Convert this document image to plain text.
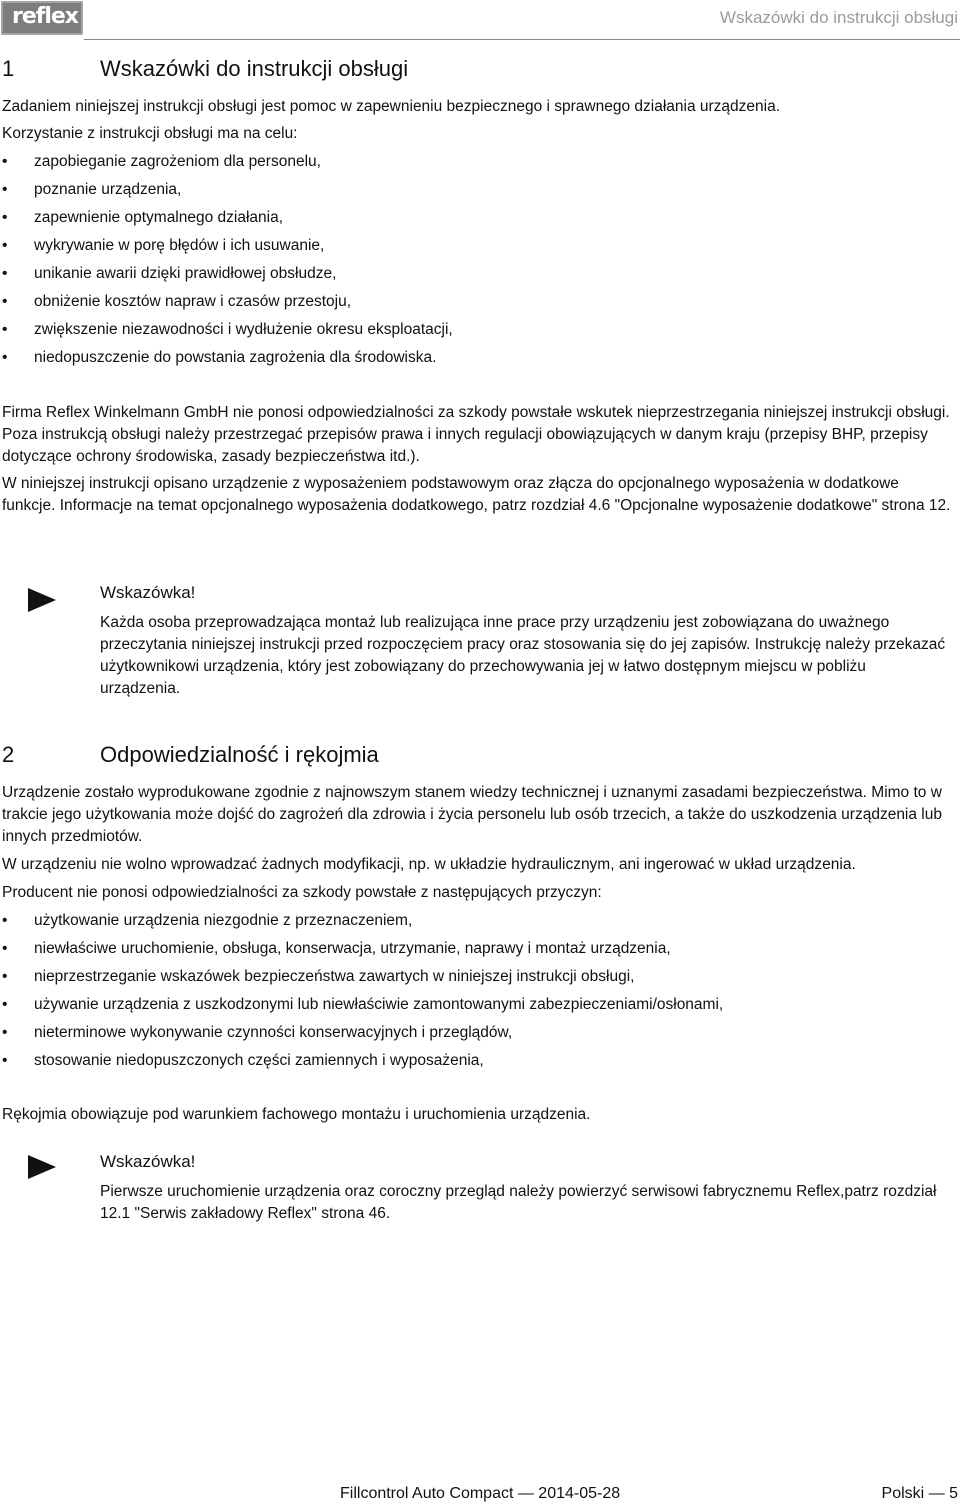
reflex	Wskazówki do instrukcji obsługi
1	Wskazówki do instrukcji obsługi

Zadaniem niniejszej instrukcji obsługi jest pomoc w zapewnieniu bezpiecznego i sprawnego działania urządzenia.

Korzystanie z instrukcji obsługi ma na celu:

• zapobieganie zagrożeniom dla personelu,
• poznanie urządzenia,
• zapewnienie optymalnego działania,
• wykrywanie w porę błędów i ich usuwanie,
• unikanie awarii dzięki prawidłowej obsłudze,
• obniżenie kosztów napraw i czasów przestoju,
• zwiększenie niezawodności i wydłużenie okresu eksploatacji,
• niedopuszczenie do powstania zagrożenia dla środowiska.

Firma Reflex Winkelmann GmbH nie ponosi odpowiedzialności za szkody powstałe wskutek nieprzestrzegania niniejszej instrukcji obsługi. Poza instrukcją obsługi należy przestrzegać przepisów prawa i innych regulacji obowiązujących w danym kraju (przepisy BHP, przepisy dotyczące ochrony środowiska, zasady bezpieczeństwa itd.).

W niniejszej instrukcji opisano urządzenie z wyposażeniem podstawowym oraz złącza do opcjonalnego wyposażenia w dodatkowe funkcje. Informacje na temat opcjonalnego wyposażenia dodatkowego, patrz rozdział 4.6 "Opcjonalne wyposażenie dodatkowe" strona 12.

Wskazówka!

Każda osoba przeprowadzająca montaż lub realizująca inne prace przy urządzeniu jest zobowiązana do uważnego przeczytania niniejszej instrukcji przed rozpoczęciem pracy oraz stosowania się do jej zapisów. Instrukcję należy przekazać użytkownikowi urządzenia, który jest zobowiązany do przechowywania jej w łatwo dostępnym miejscu w pobliżu urządzenia.

2	Odpowiedzialność i rękojmia

Urządzenie zostało wyprodukowane zgodnie z najnowszym stanem wiedzy technicznej i uznanymi zasadami bezpieczeństwa. Mimo to w trakcie jego użytkowania może dojść do zagrożeń dla zdrowia i życia personelu lub osób trzecich, a także do uszkodzenia urządzenia lub innych przedmiotów.

W urządzeniu nie wolno wprowadzać żadnych modyfikacji, np. w układzie hydraulicznym, ani ingerować w układ urządzenia.

Producent nie ponosi odpowiedzialności za szkody powstałe z następujących przyczyn:

• użytkowanie urządzenia niezgodnie z przeznaczeniem,
• niewłaściwe uruchomienie, obsługa, konserwacja, utrzymanie, naprawy i montaż urządzenia,
• nieprzestrzeganie wskazówek bezpieczeństwa zawartych w niniejszej instrukcji obsługi,
• używanie urządzenia z uszkodzonymi lub niewłaściwie zamontowanymi zabezpieczeniami/osłonami,
• nieterminowe wykonywanie czynności konserwacyjnych i przeglądów,
• stosowanie niedopuszczonych części zamiennych i wyposażenia,

Rękojmia obowiązuje pod warunkiem fachowego montażu i uruchomienia urządzenia.

Wskazówka!

Pierwsze uruchomienie urządzenia oraz coroczny przegląd należy powierzyć serwisowi fabrycznemu Reflex,patrz rozdział 12.1 "Serwis zakładowy Reflex" strona 46.

Fillcontrol Auto Compact — 2014-05-28	Polski — 5
